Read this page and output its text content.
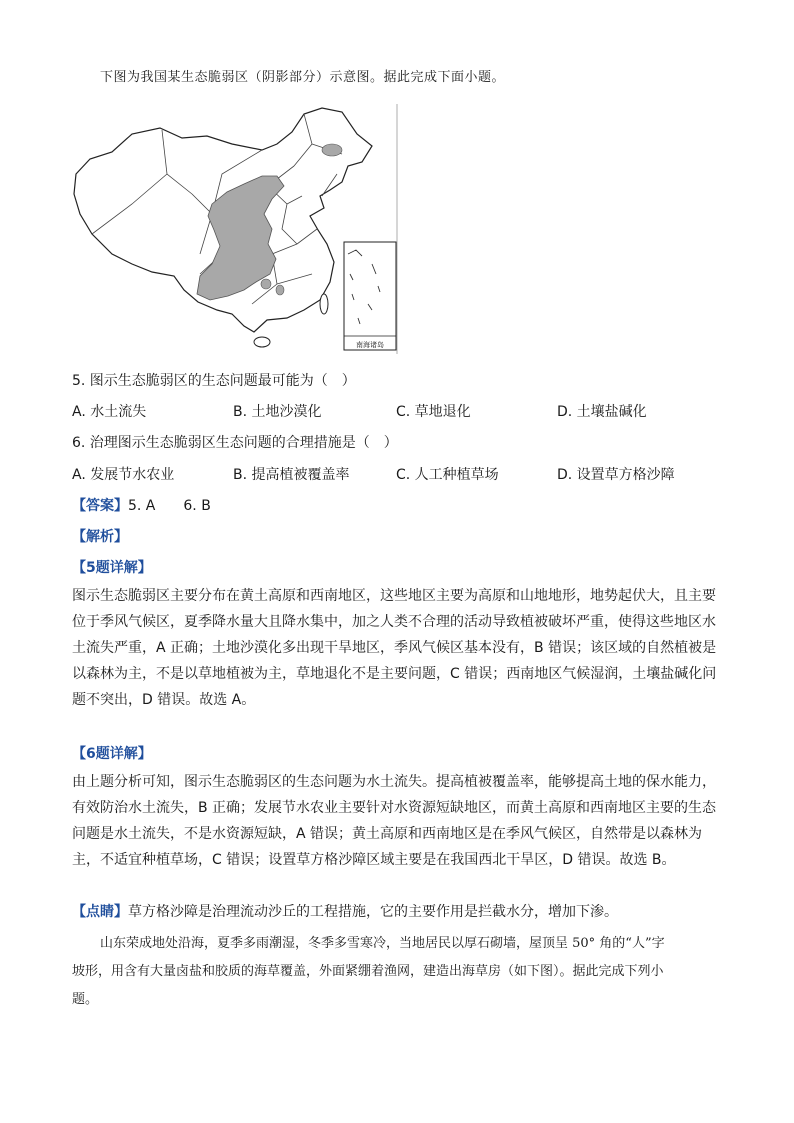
下图为我国某生态脆弱区（阴影部分）示意图。据此完成下面小题。
南海诸岛
5. 图示生态脆弱区的生态问题最可能为（　）
A. 水土流失	B. 土地沙漠化	C. 草地退化	D. 土壤盐碱化
6. 治理图示生态脆弱区生态问题的合理措施是（　）
A. 发展节水农业	B. 提高植被覆盖率	C. 人工种植草场	D. 设置草方格沙障
【答案】5. A　　6. B
【解析】
【5题详解】
图示生态脆弱区主要分布在黄土高原和西南地区，这些地区主要为高原和山地地形，地势起伏大，且主要
位于季风气候区，夏季降水量大且降水集中，加之人类不合理的活动导致植被破坏严重，使得这些地区水
土流失严重，A 正确；土地沙漠化多出现干旱地区，季风气候区基本没有，B 错误；该区域的自然植被是
以森林为主，不是以草地植被为主，草地退化不是主要问题，C 错误；西南地区气候湿润，土壤盐碱化问
题不突出，D 错误。故选 A。
【6题详解】
由上题分析可知，图示生态脆弱区的生态问题为水土流失。提高植被覆盖率，能够提高土地的保水能力，
有效防治水土流失，B 正确；发展节水农业主要针对水资源短缺地区，而黄土高原和西南地区主要的生态
问题是水土流失，不是水资源短缺，A 错误；黄土高原和西南地区是在季风气候区，自然带是以森林为
主，不适宜种植草场，C 错误；设置草方格沙障区域主要是在我国西北干旱区，D 错误。故选 B。
【点睛】草方格沙障是治理流动沙丘的工程措施，它的主要作用是拦截水分，增加下渗。
山东荣成地处沿海，夏季多雨潮湿，冬季多雪寒冷，当地居民以厚石砌墙，屋顶呈 50° 角的“人”字
坡形，用含有大量卤盐和胶质的海草覆盖，外面紧绷着渔网，建造出海草房（如下图）。据此完成下列小
题。
